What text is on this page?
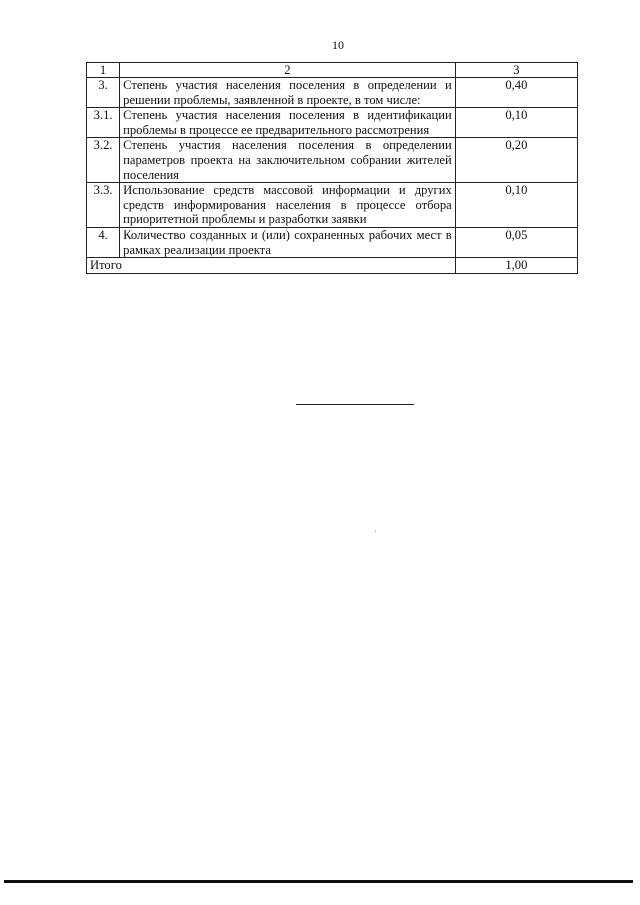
10
1	2	3
3.	Степень участия населения поселения в определении и решении проблемы, заявленной в проекте, в том числе:	0,40
3.1.	Степень участия населения поселения в идентификации проблемы в процессе ее предварительного рассмотрения	0,10
3.2.	Степень участия населения поселения в определении параметров проекта на заключительном собрании жителей поселения	0,20
3.3.	Использование средств массовой информации и других средств информирования населения в процессе отбора приоритетной проблемы и разработки заявки	0,10
4.	Количество созданных и (или) сохраненных рабочих мест в рамках реализации проекта	0,05
Итого		1,00
